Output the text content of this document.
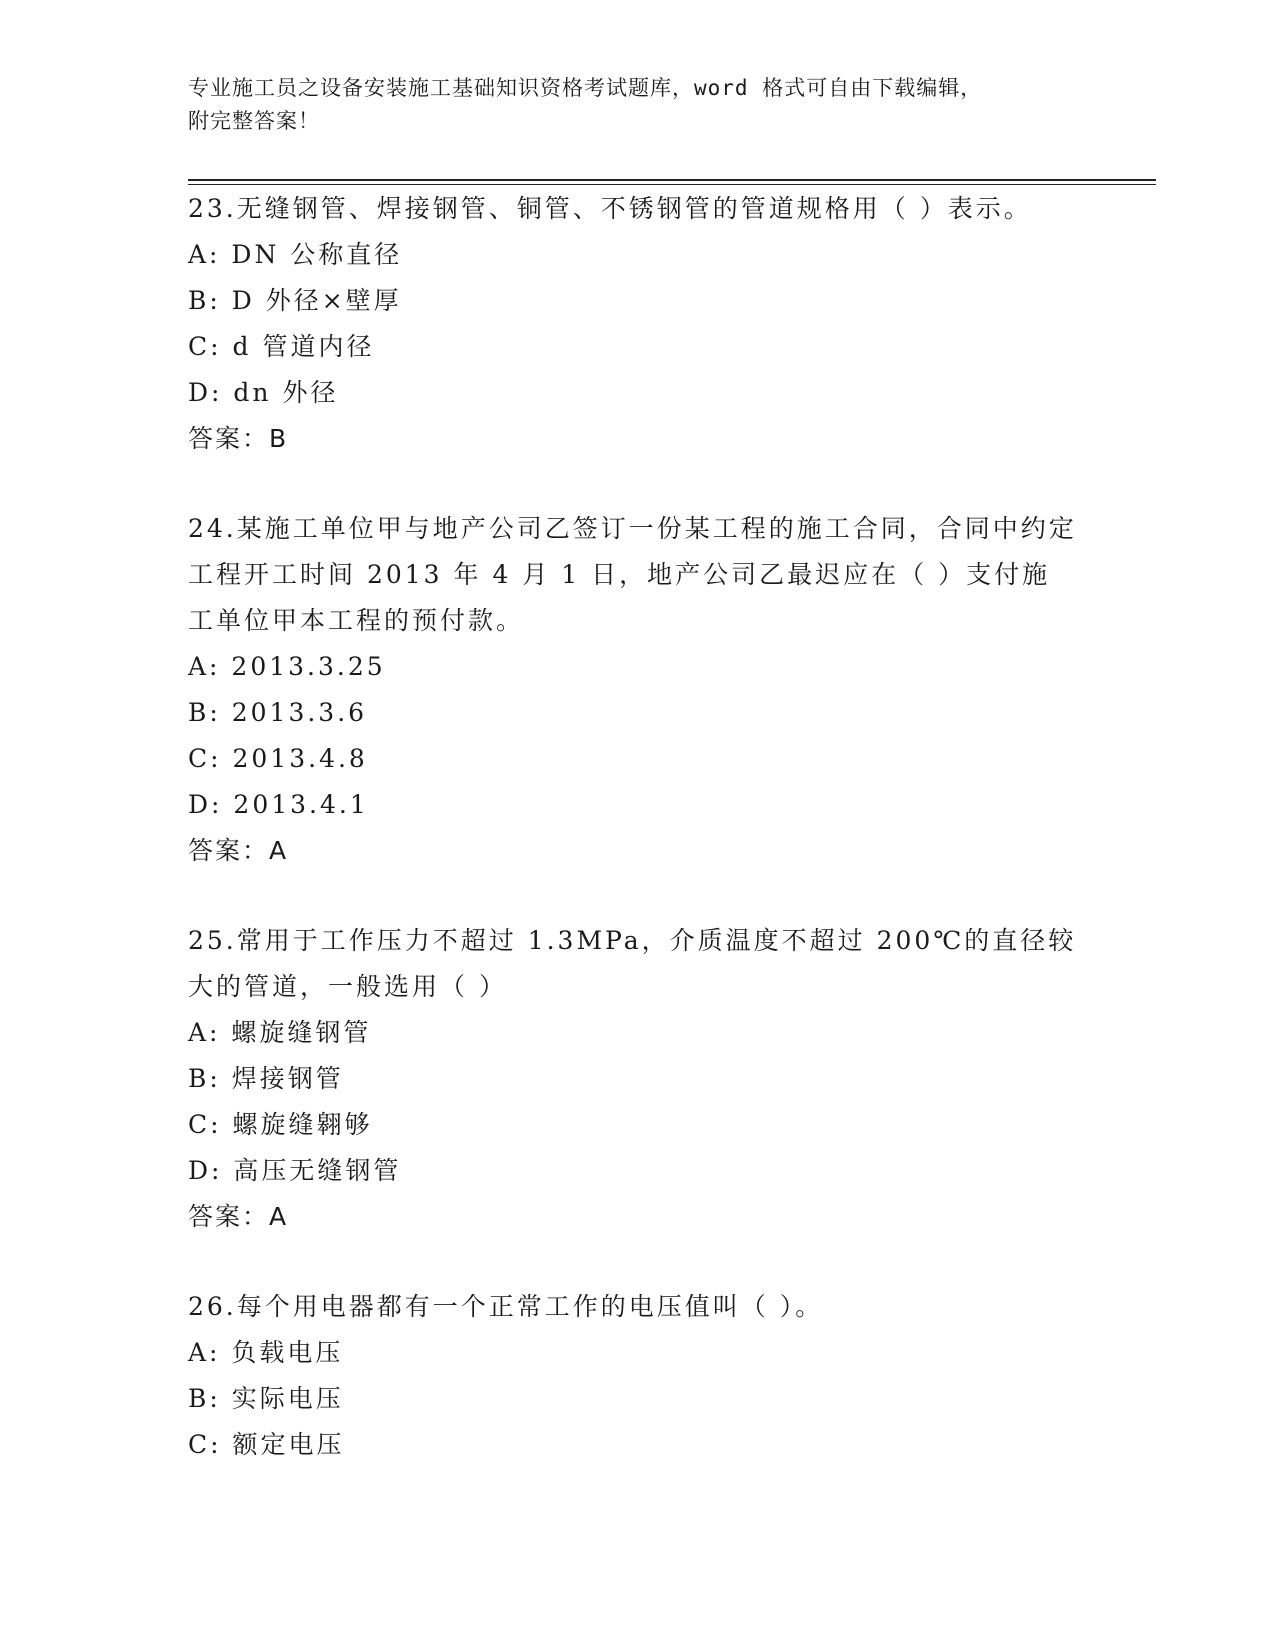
专业施工员之设备安装施工基础知识资格考试题库，word 格式可自由下载编辑，
附完整答案！
23.无缝钢管、焊接钢管、铜管、不锈钢管的管道规格用（ ）表示。
A: DN 公称直径
B: D 外径×壁厚
C: d 管道内径
D: dn 外径
答案：B
24.某施工单位甲与地产公司乙签订一份某工程的施工合同，合同中约定工程开工时间 2013 年 4 月 1 日，地产公司乙最迟应在（ ）支付施工单位甲本工程的预付款。
A: 2013.3.25
B: 2013.3.6
C: 2013.4.8
D: 2013.4.1
答案：A
25.常用于工作压力不超过 1.3MPa，介质温度不超过 200℃的直径较大的管道，一般选用（ ）
A: 螺旋缝钢管
B: 焊接钢管
C: 螺旋缝翱够
D: 高压无缝钢管
答案：A
26.每个用电器都有一个正常工作的电压值叫（ ）。
A: 负载电压
B: 实际电压
C: 额定电压
